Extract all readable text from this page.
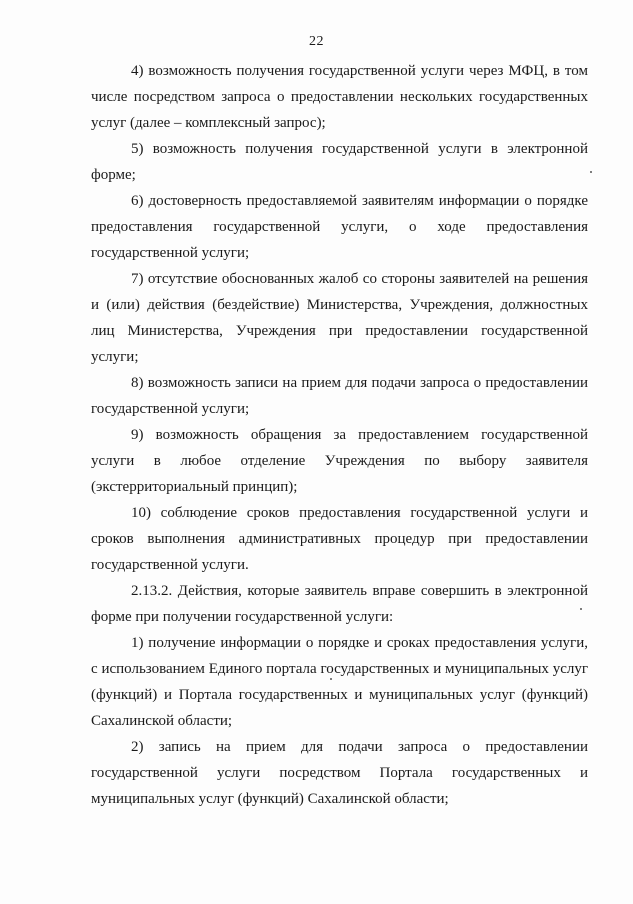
22

4) возможность получения государственной услуги через МФЦ, в том числе посредством запроса о предоставлении нескольких государственных услуг (далее – комплексный запрос);

5) возможность получения государственной услуги в электронной форме;

6) достоверность предоставляемой заявителям информации о порядке предоставления государственной услуги, о ходе предоставления государственной услуги;

7) отсутствие обоснованных жалоб со стороны заявителей на решения и (или) действия (бездействие) Министерства, Учреждения, должностных лиц Министерства, Учреждения при предоставлении государственной услуги;

8) возможность записи на прием для подачи запроса о предоставлении государственной услуги;

9) возможность обращения за предоставлением государственной услуги в любое отделение Учреждения по выбору заявителя (экстерриториальный принцип);

10) соблюдение сроков предоставления государственной услуги и сроков выполнения административных процедур при предоставлении государственной услуги.

2.13.2. Действия, которые заявитель вправе совершить в электронной форме при получении государственной услуги:

1) получение информации о порядке и сроках предоставления услуги, с использованием Единого портала государственных и муниципальных услуг (функций) и Портала государственных и муниципальных услуг (функций) Сахалинской области;

2) запись на прием для подачи запроса о предоставлении государственной услуги посредством Портала государственных и муниципальных услуг (функций) Сахалинской области;
